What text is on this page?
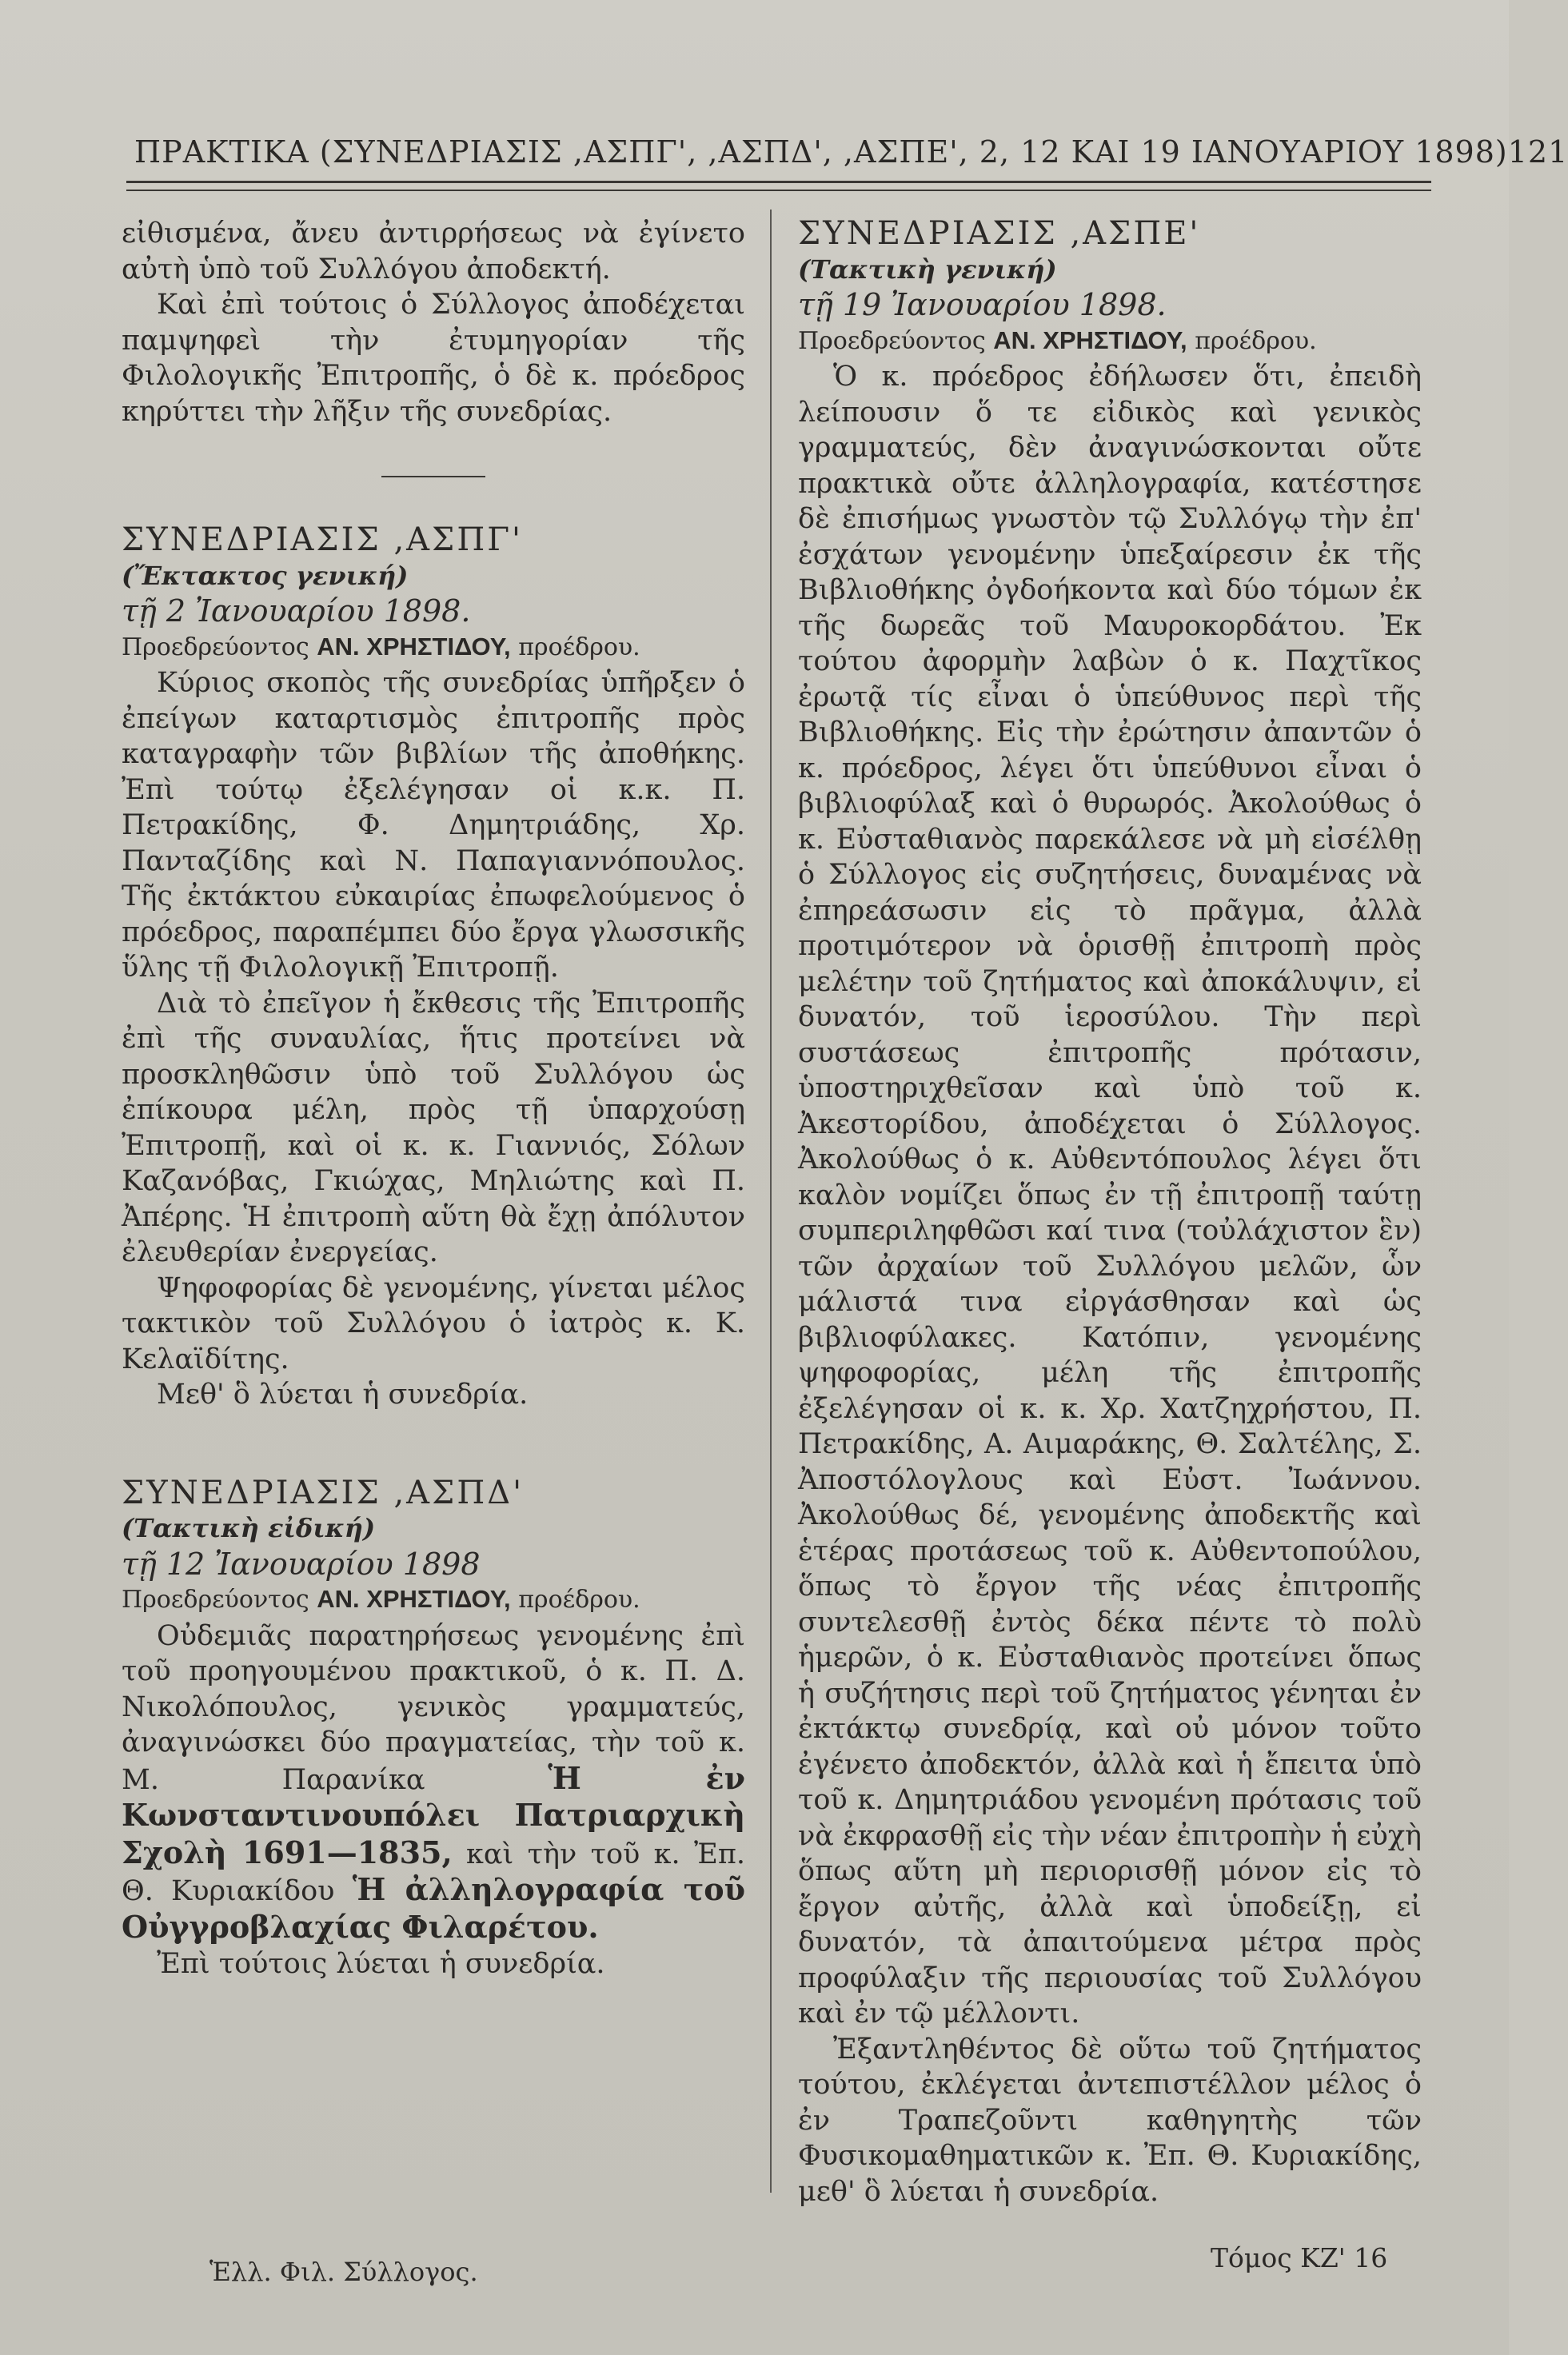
ΠΡΑΚΤΙΚΑ (ΣΥΝΕΔΡΙΑΣΙΣ ,ΑΣΠΓ', ,ΑΣΠΔ', ,ΑΣΠΕ', 2, 12 ΚΑΙ 19 ΙΑΝΟΥΑΡΙΟΥ 1898) 121

εἰθισμένα, ἄνευ ἀντιρρήσεως νὰ ἐγίνετο αὐτὴ ὑπὸ τοῦ Συλλόγου ἀποδεκτή.

Καὶ ἐπὶ τούτοις ὁ Σύλλογος ἀποδέχεται παμψηφεὶ τὴν ἐτυμηγορίαν τῆς Φιλολογικῆς Ἐπιτροπῆς, ὁ δὲ κ. πρόεδρος κηρύττει τὴν λῆξιν τῆς συνεδρίας.

ΣΥΝΕΔΡΙΑΣΙΣ ,ΑΣΠΓ'

(Ἔκτακτος γενική)

τῇ 2 Ἰανουαρίου 1898.

Προεδρεύοντος ΑΝ. ΧΡΗΣΤΙΔΟΥ, προέδρου.

Κύριος σκοπὸς τῆς συνεδρίας ὑπῆρξεν ὁ ἐπείγων καταρτισμὸς ἐπιτροπῆς πρὸς καταγραφὴν τῶν βιβλίων τῆς ἀποθήκης. Ἐπὶ τούτῳ ἐξελέγησαν οἱ κ.κ. Π. Πετρακίδης, Φ. Δημητριάδης, Χρ. Πανταζίδης καὶ Ν. Παπαγιαννόπουλος. Τῆς ἐκτάκτου εὐκαιρίας ἐπωφελούμενος ὁ πρόεδρος, παραπέμπει δύο ἔργα γλωσσικῆς ὕλης τῇ Φιλολογικῇ Ἐπιτροπῇ.

Διὰ τὸ ἐπεῖγον ἡ ἔκθεσις τῆς Ἐπιτροπῆς ἐπὶ τῆς συναυλίας, ἥτις προτείνει νὰ προσκληθῶσιν ὑπὸ τοῦ Συλλόγου ὡς ἐπίκουρα μέλη, πρὸς τῇ ὑπαρχούσῃ Ἐπιτροπῇ, καὶ οἱ κ. κ. Γιαννιός, Σόλων Καζανόβας, Γκιώχας, Μηλιώτης καὶ Π. Ἀπέρης. Ἡ ἐπιτροπὴ αὕτη θὰ ἔχῃ ἀπόλυτον ἐλευθερίαν ἐνεργείας.

Ψηφοφορίας δὲ γενομένης, γίνεται μέλος τακτικὸν τοῦ Συλλόγου ὁ ἰατρὸς κ. Κ. Κελαϊδίτης.

Μεθ' ὃ λύεται ἡ συνεδρία.

ΣΥΝΕΔΡΙΑΣΙΣ ,ΑΣΠΔ'

(Τακτικὴ εἰδική)

τῇ 12 Ἰανουαρίου 1898

Προεδρεύοντος ΑΝ. ΧΡΗΣΤΙΔΟΥ, προέδρου.

Οὐδεμιᾶς παρατηρήσεως γενομένης ἐπὶ τοῦ προηγουμένου πρακτικοῦ, ὁ κ. Π. Δ. Νικολόπουλος, γενικὸς γραμματεύς, ἀναγινώσκει δύο πραγματείας, τὴν τοῦ κ. Μ. Παρανίκα	Ἡ ἐν Κωνσταντινουπόλει Πατριαρχικὴ Σχολὴ 1691—1835, καὶ τὴν τοῦ κ. Ἐπ. Θ. Κυριακίδου Ἡ ἀλληλογραφία τοῦ Οὐγγροβλαχίας Φιλαρέτου.

Ἐπὶ τούτοις λύεται ἡ συνεδρία.

ΣΥΝΕΔΡΙΑΣΙΣ ,ΑΣΠΕ'

(Τακτικὴ γενική)

τῇ 19 Ἰανουαρίου 1898.

Προεδρεύοντος ΑΝ. ΧΡΗΣΤΙΔΟΥ, προέδρου.

Ὁ κ. πρόεδρος ἐδήλωσεν ὅτι, ἐπειδὴ λείπουσιν ὅ τε εἰδικὸς καὶ γενικὸς γραμματεύς, δὲν ἀναγινώσκονται οὔτε πρακτικὰ οὔτε ἀλληλογραφία, κατέστησε δὲ ἐπισήμως γνωστὸν τῷ Συλλόγῳ τὴν ἐπ' ἐσχάτων γενομένην ὑπεξαίρεσιν ἐκ τῆς Βιβλιοθήκης ὀγδοήκοντα καὶ δύο τόμων ἐκ τῆς δωρεᾶς τοῦ Μαυροκορδάτου. Ἐκ τούτου ἀφορμὴν λαβὼν ὁ κ. Παχτῖκος ἐρωτᾷ τίς εἶναι ὁ ὑπεύθυνος περὶ τῆς Βιβλιοθήκης. Εἰς τὴν ἐρώτησιν ἀπαντῶν ὁ κ. πρόεδρος, λέγει ὅτι ὑπεύθυνοι εἶναι ὁ βιβλιοφύλαξ καὶ ὁ θυρωρός. Ἀκολούθως ὁ κ. Εὐσταθιανὸς παρεκάλεσε νὰ μὴ εἰσέλθῃ ὁ Σύλλογος εἰς συζητήσεις, δυναμένας νὰ ἐπηρεάσωσιν εἰς τὸ πρᾶγμα, ἀλλὰ προτιμότερον νὰ ὁρισθῇ ἐπιτροπὴ πρὸς μελέτην τοῦ ζητήματος καὶ ἀποκάλυψιν, εἰ δυνατόν, τοῦ ἱεροσύλου. Τὴν περὶ συστάσεως ἐπιτροπῆς πρότασιν, ὑποστηριχθεῖσαν καὶ ὑπὸ τοῦ κ. Ἀκεστορίδου, ἀποδέχεται ὁ Σύλλογος. Ἀκολούθως ὁ κ. Αὐθεντόπουλος λέγει ὅτι καλὸν νομίζει ὅπως ἐν τῇ ἐπιτροπῇ ταύτῃ συμπεριληφθῶσι καί τινα (τοὐλάχιστον ἓν) τῶν ἀρχαίων τοῦ Συλλόγου μελῶν, ὧν μάλιστά τινα εἰργάσθησαν καὶ ὡς βιβλιοφύλακες. Κατόπιν, γενομένης ψηφοφορίας, μέλη τῆς ἐπιτροπῆς ἐξελέγησαν οἱ κ. κ. Χρ. Χατζηχρήστου, Π. Πετρακίδης, Α. Αιμαράκης, Θ. Σαλτέλης, Σ. Ἀποστόλογλους καὶ Εὐστ. Ἰωάννου. Ἀκολούθως δέ, γενομένης ἀποδεκτῆς καὶ ἑτέρας προτάσεως τοῦ κ. Αὐθεντοπούλου, ὅπως τὸ ἔργον τῆς νέας ἐπιτροπῆς συντελεσθῇ ἐντὸς δέκα πέντε τὸ πολὺ ἡμερῶν, ὁ κ. Εὐσταθιανὸς προτείνει ὅπως ἡ συζήτησις περὶ τοῦ ζητήματος γένηται ἐν ἐκτάκτῳ συνεδρίᾳ, καὶ οὐ μόνον τοῦτο ἐγένετο ἀποδεκτόν, ἀλλὰ καὶ ἡ ἔπειτα ὑπὸ τοῦ κ. Δημητριάδου γενομένη πρότασις τοῦ νὰ ἐκφρασθῇ εἰς τὴν νέαν ἐπιτροπὴν ἡ εὐχὴ ὅπως αὕτη μὴ περιορισθῇ μόνον εἰς τὸ ἔργον αὐτῆς, ἀλλὰ καὶ ὑποδείξῃ, εἰ δυνατόν, τὰ ἀπαιτούμενα μέτρα πρὸς προφύλαξιν τῆς περιουσίας τοῦ Συλλόγου καὶ ἐν τῷ μέλλοντι.

Ἐξαντληθέντος δὲ οὕτω τοῦ ζητήματος τούτου, ἐκλέγεται ἀντεπιστέλλον μέλος ὁ ἐν Τραπεζοῦντι καθηγητὴς τῶν Φυσικομαθηματικῶν κ. Ἐπ. Θ. Κυριακίδης, μεθ' ὃ λύεται ἡ συνεδρία.

Ἑλλ. Φιλ. Σύλλογος.	Τόμος ΚΖ' 16
